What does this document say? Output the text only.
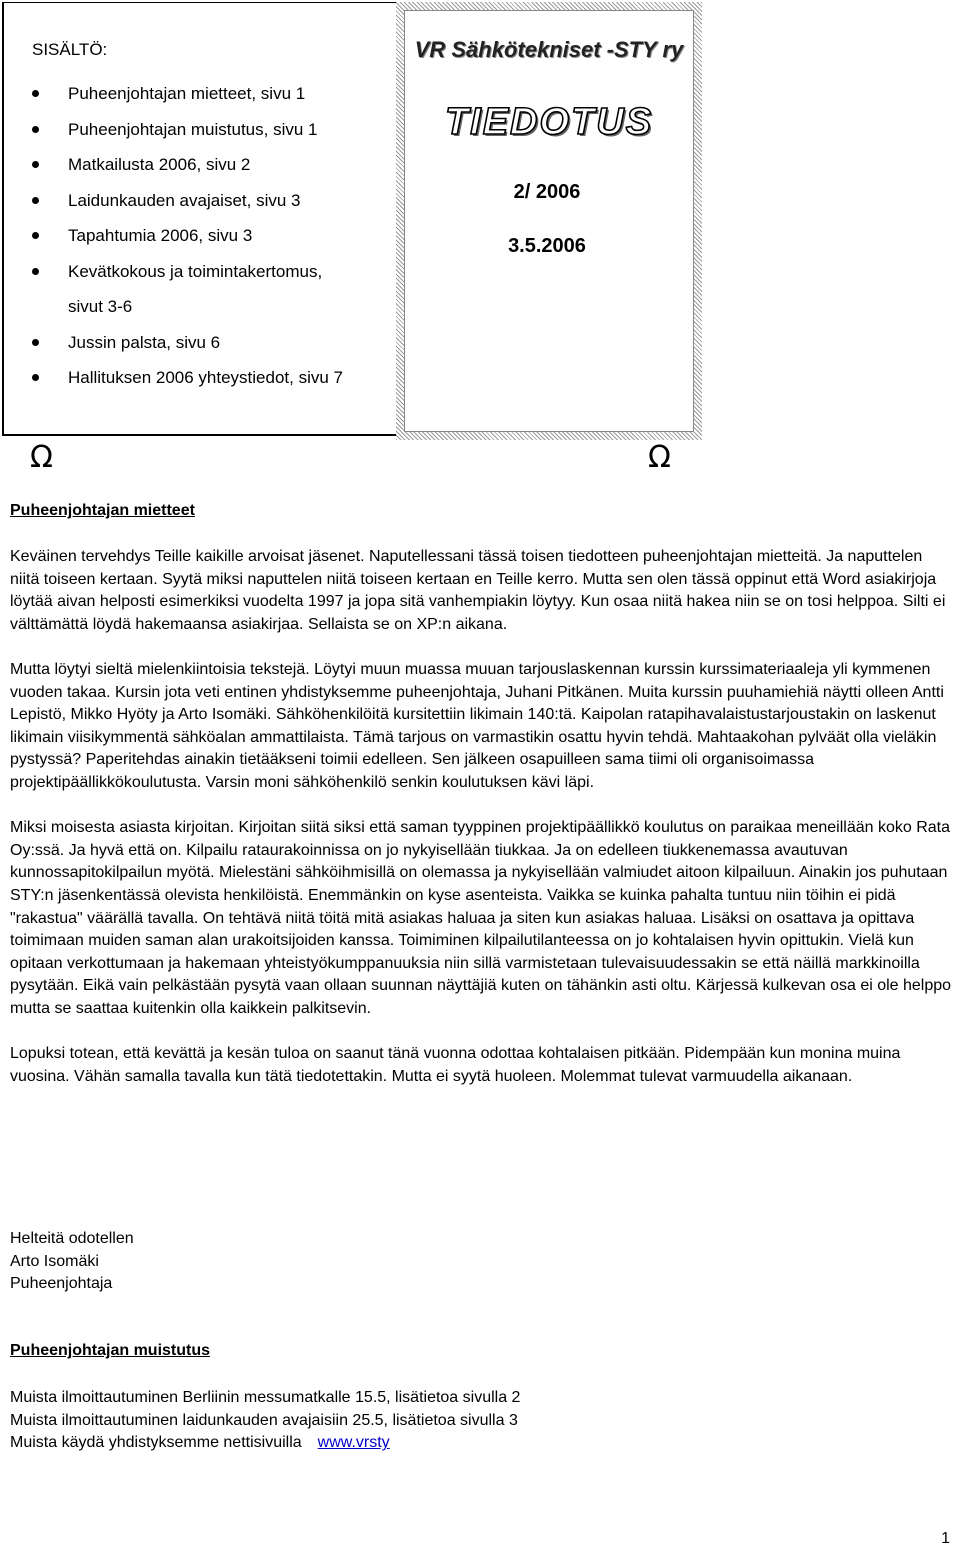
SISÄLTÖ:
Puheenjohtajan mietteet, sivu 1
Puheenjohtajan muistutus, sivu 1
Matkailusta 2006, sivu 2
Laidunkauden avajaiset, sivu 3
Tapahtumia 2006, sivu 3
Kevätkokous ja toimintakertomus,
sivut 3-6
Jussin palsta, sivu 6
Hallituksen 2006 yhteystiedot, sivu 7
VR Sähkötekniset -STY ry
TIEDOTUS
2/ 2006
3.5.2006
Ω	Ω
Puheenjohtajan mietteet

Keväinen tervehdys Teille kaikille arvoisat jäsenet. Naputellessani tässä toisen tiedotteen puheenjohtajan mietteitä. Ja naputtelen niitä toiseen kertaan. Syytä miksi naputtelen niitä toiseen kertaan en Teille kerro. Mutta sen olen tässä oppinut että Word asiakirjoja löytää aivan helposti esimerkiksi vuodelta 1997 ja jopa sitä vanhempiakin löytyy. Kun osaa niitä hakea niin se on tosi helppoa. Silti ei välttämättä löydä hakemaansa asiakirjaa. Sellaista se on XP:n aikana.

Mutta löytyi sieltä mielenkiintoisia tekstejä. Löytyi muun muassa muuan tarjouslaskennan kurssin kurssimateriaaleja yli kymmenen vuoden takaa. Kursin jota veti entinen yhdistyksemme puheenjohtaja, Juhani Pitkänen. Muita kurssin puuhamiehiä näytti olleen Antti Lepistö, Mikko Hyöty ja Arto Isomäki. Sähköhenkilöitä kursitettiin likimain 140:tä. Kaipolan ratapihavalaistustarjoustakin on laskenut likimain viisikymmentä sähköalan ammattilaista. Tämä tarjous on varmastikin osattu hyvin tehdä. Mahtaakohan pylväät olla vieläkin pystyssä? Paperitehdas ainakin tietääkseni toimii edelleen. Sen jälkeen osapuilleen sama tiimi oli organisoimassa projektipäällikkökoulutusta. Varsin moni sähköhenkilö senkin koulutuksen kävi läpi.

Miksi moisesta asiasta kirjoitan. Kirjoitan siitä siksi että saman tyyppinen projektipäällikkö koulutus on paraikaa meneillään koko Rata Oy:ssä. Ja hyvä että on. Kilpailu rataurakoinnissa on jo nykyisellään tiukkaa. Ja on edelleen tiukkenemassa avautuvan kunnossapitokilpailun myötä. Mielestäni sähköihmisillä on olemassa ja nykyisellään valmiudet aitoon kilpailuun. Ainakin jos puhutaan STY:n jäsenkentässä olevista henkilöistä. Enemmänkin on kyse asenteista. Vaikka se kuinka pahalta tuntuu niin töihin ei pidä "rakastua" väärällä tavalla. On tehtävä niitä töitä mitä asiakas haluaa ja siten kun asiakas haluaa. Lisäksi on osattava ja opittava toimimaan muiden saman alan urakoitsijoiden kanssa. Toimiminen kilpailutilanteessa on jo kohtalaisen hyvin opittukin. Vielä kun opitaan verkottumaan ja hakemaan yhteistyökumppanuuksia niin sillä varmistetaan tulevaisuudessakin se että näillä markkinoilla pysytään. Eikä vain pelkästään pysytä vaan ollaan suunnan näyttäjiä kuten on tähänkin asti oltu. Kärjessä kulkevan osa ei ole helppo mutta se saattaa kuitenkin olla kaikkein palkitsevin.

Lopuksi totean, että kevättä ja kesän tuloa on saanut tänä vuonna odottaa kohtalaisen pitkään. Pidempään kun monina muina vuosina. Vähän samalla tavalla kun tätä tiedotettakin. Mutta ei syytä huoleen. Molemmat tulevat varmuudella aikanaan.

Helteitä odotellen

Arto Isomäki

Puheenjohtaja

Puheenjohtajan muistutus

Muista ilmoittautuminen Berliinin messumatkalle 15.5, lisätietoa sivulla 2

Muista ilmoittautuminen laidunkauden avajaisiin 25.5, lisätietoa sivulla 3

Muista käydä yhdistyksemme nettisivuilla www.vrsty

1
